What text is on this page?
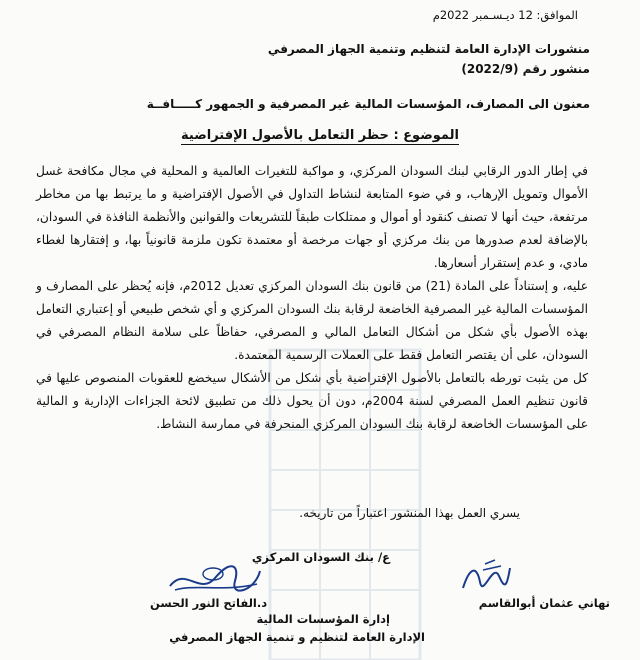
الموافق: 12 ديـسـمبر 2022م
منشورات الإدارة العامة لتنظيم وتنمية الجهاز المصرفي
منشور رقم (2022/9)
معنون الى المصارف، المؤسسات المالية غير المصرفية و الجمهور كـــــافــة
الموضوع : حظر التعامل بالأصول الإفتراضية

في إطار الدور الرقابي لبنك السودان المركزي، و مواكبة للتغيرات العالمية و المحلية في مجال مكافحة غسل الأموال وتمويل الإرهاب، و في ضوء المتابعة لنشاط التداول في الأصول الإفتراضية و ما يرتبط بها من مخاطر مرتفعة، حيث أنها لا تصنف كنقود أو أموال و ممتلكات طبقاً للتشريعات والقوانين والأنظمة النافذة في السودان، بالإضافة لعدم صدورها من بنك مركزي أو جهات مرخصة أو معتمدة تكون ملزمة قانونياً بها، و إفتقارها لغطاء مادي، و عدم إستقرار أسعارها.

عليه، و إستناداً على المادة (21) من قانون بنك السودان المركزي تعديل 2012م، فإنه يُحظر على المصارف و المؤسسات المالية غير المصرفية الخاضعة لرقابة بنك السودان المركزي و أي شخص طبيعي أو إعتباري التعامل بهذه الأصول بأي شكل من أشكال التعامل المالي و المصرفي، حفاظاً على سلامة النظام المصرفي في السودان، على أن يقتصر التعامل فقط على العملات الرسمية المعتمدة.

كل من يثبت تورطه بالتعامل بالأصول الإفتراضية بأي شكل من الأشكال سيخضع للعقوبات المنصوص عليها في قانون تنظيم العمل المصرفي لسنة 2004م، دون أن يحول ذلك من تطبيق لائحة الجزاءات الإدارية و المالية على المؤسسات الخاضعة لرقابة بنك السودان المركزي المنحرفة في ممارسة النشاط.

يسري العمل بهذا المنشور اعتباراً من تاريخه.
ع/ بنك السودان المركزي
د.الفاتح النور الحسن	تهاني عثمان أبوالقاسم
إدارة المؤسسات المالية
الإدارة العامة لتنظيم و تنمية الجهاز المصرفي
